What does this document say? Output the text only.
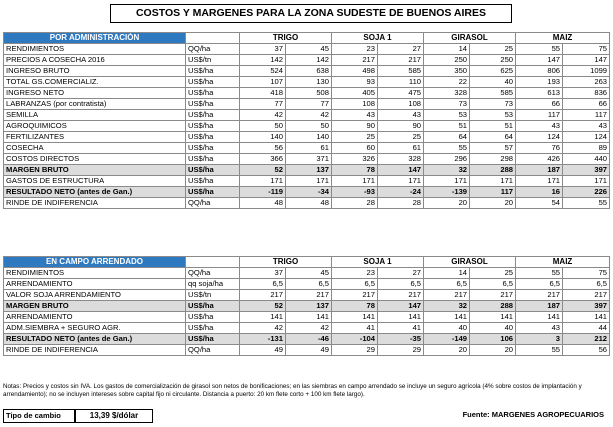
COSTOS Y MARGENES PARA LA ZONA SUDESTE DE BUENOS AIRES
POR ADMINISTRACIÓN		TRIGO		SOJA 1		GIRASOL		MAIZ	
RENDIMIENTOS	QQ/ha	37	45	23	27	14	25	55	75
PRECIOS A COSECHA 2016	US$/tn	142	142	217	217	250	250	147	147
INGRESO BRUTO	US$/ha	524	638	498	585	350	625	806	1099
TOTAL GS.COMERCIALIZ.	US$/ha	107	130	93	110	22	40	193	263
INGRESO NETO	US$/ha	418	508	405	475	328	585	613	836
LABRANZAS (por contratista)	US$/ha	77	77	108	108	73	73	66	66
SEMILLA	US$/ha	42	42	43	43	53	53	117	117
AGROQUIMICOS	US$/ha	50	50	90	90	51	51	43	43
FERTILIZANTES	US$/ha	140	140	25	25	64	64	124	124
COSECHA	US$/ha	56	61	60	61	55	57	76	89
COSTOS DIRECTOS	US$/ha	366	371	326	328	296	298	426	440
MARGEN BRUTO	US$/ha	52	137	78	147	32	288	187	397
GASTOS DE ESTRUCTURA	US$/ha	171	171	171	171	171	171	171	171
RESULTADO NETO (antes de Gan.)	US$/ha	-119	-34	-93	-24	-139	117	16	226
RINDE DE INDIFERENCIA	QQ/ha	48	48	28	28	20	20	54	55
EN CAMPO ARRENDADO		TRIGO		SOJA 1		GIRASOL		MAIZ	
RENDIMIENTOS	QQ/ha	37	45	23	27	14	25	55	75
ARRENDAMIENTO	qq soja/ha	6,5	6,5	6,5	6,5	6,5	6,5	6,5	6,5
VALOR SOJA ARRENDAMIENTO	US$/tn	217	217	217	217	217	217	217	217
MARGEN BRUTO	US$/ha	52	137	78	147	32	288	187	397
ARRENDAMIENTO	US$/ha	141	141	141	141	141	141	141	141
ADM.SIEMBRA + SEGURO AGR.	US$/ha	42	42	41	41	40	40	43	44
RESULTADO NETO (antes de Gan.)	US$/ha	-131	-46	-104	-35	-149	106	3	212
RINDE DE INDIFERENCIA	QQ/ha	49	49	29	29	20	20	55	56
Notas: Precios y costos sin IVA. Los gastos de comercialización de girasol son netos de bonificaciones; en las siembras en campo arrendado se incluye un seguro agrícola (4% sobre costos de implantación y arrendamiento); no se incluyen intereses sobre capital fijo ni circulante. Distancia a puerto: 20 km flete corto + 100 km flete largo).
Tipo de cambio	13,39 $/dólar	Fuente: MARGENES AGROPECUARIOS
